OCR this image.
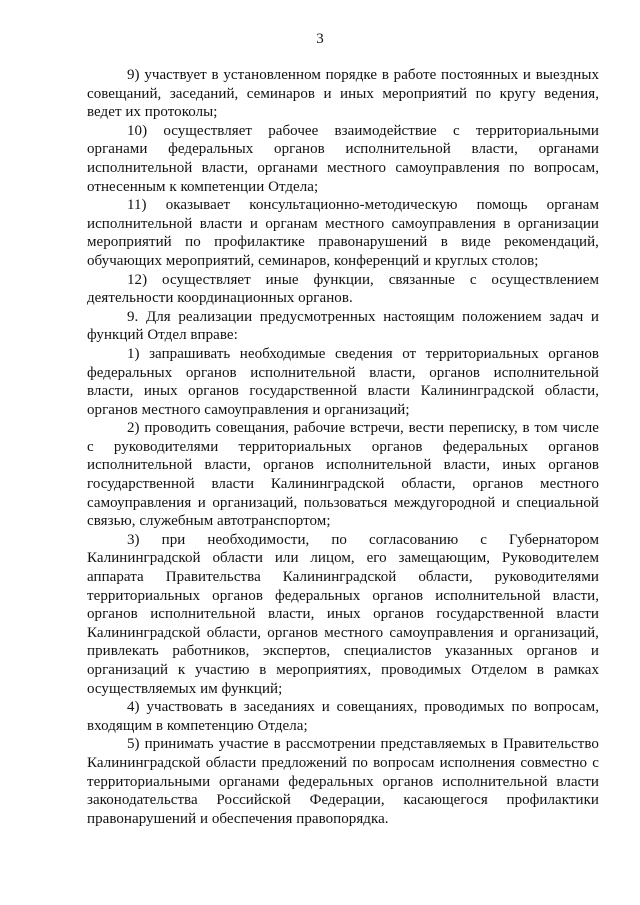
3

9) участвует в установленном порядке в работе постоянных и выездных совещаний, заседаний, семинаров и иных мероприятий по кругу ведения, ведет их протоколы;

10) осуществляет рабочее взаимодействие с территориальными органами федеральных органов исполнительной власти, органами исполнительной власти, органами местного самоуправления по вопросам, отнесенным к компетенции Отдела;

11) оказывает консультационно-методическую помощь органам исполнительной власти и органам местного самоуправления в организации мероприятий по профилактике правонарушений в виде рекомендаций, обучающих мероприятий, семинаров, конференций и круглых столов;

12) осуществляет иные функции, связанные с осуществлением деятельности координационных органов.

9. Для реализации предусмотренных настоящим положением задач и функций Отдел вправе:

1) запрашивать необходимые сведения от территориальных органов федеральных органов исполнительной власти, органов исполнительной власти, иных органов государственной власти Калининградской области, органов местного самоуправления и организаций;

2) проводить совещания, рабочие встречи, вести переписку, в том числе с руководителями территориальных органов федеральных органов исполнительной власти, органов исполнительной власти, иных органов государственной власти Калининградской области, органов местного самоуправления и организаций, пользоваться междугородной и специальной связью, служебным автотранспортом;

3) при необходимости, по согласованию с Губернатором Калининградской области или лицом, его замещающим, Руководителем аппарата Правительства Калининградской области, руководителями территориальных органов федеральных органов исполнительной власти, органов исполнительной власти, иных органов государственной власти Калининградской области, органов местного самоуправления и организаций, привлекать работников, экспертов, специалистов указанных органов и организаций к участию в мероприятиях, проводимых Отделом в рамках осуществляемых им функций;

4) участвовать в заседаниях и совещаниях, проводимых по вопросам, входящим в компетенцию Отдела;

5) принимать участие в рассмотрении представляемых в Правительство Калининградской области предложений по вопросам исполнения совместно с территориальными органами федеральных органов исполнительной власти законодательства Российской Федерации, касающегося профилактики правонарушений и обеспечения правопорядка.
